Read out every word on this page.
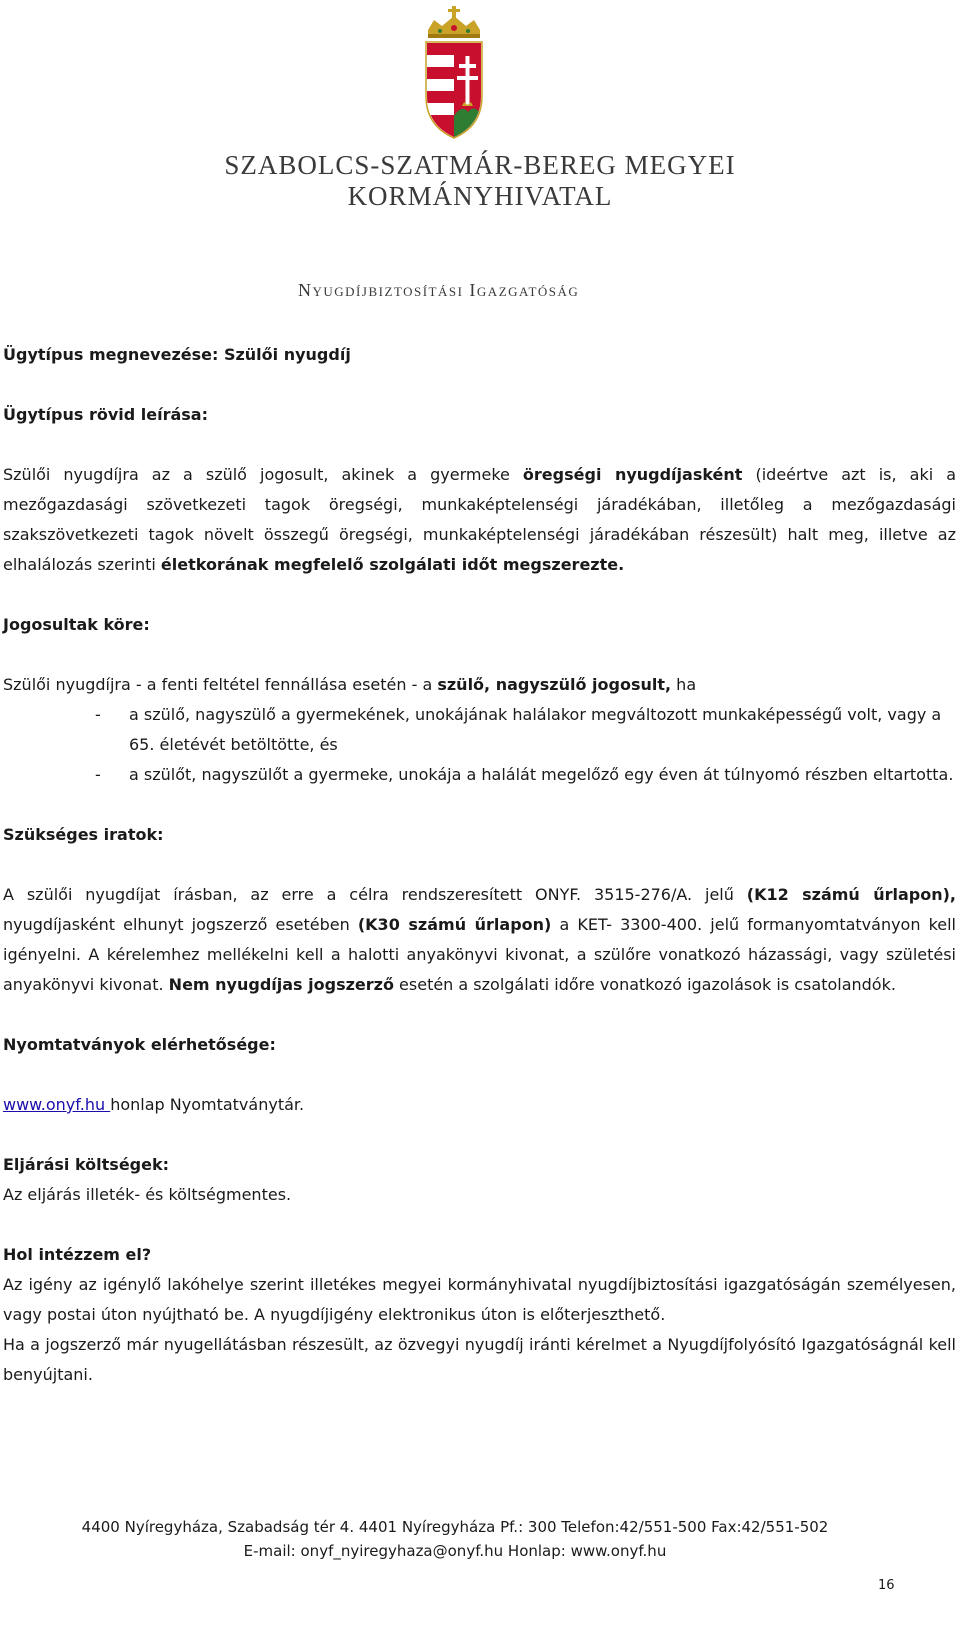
SZABOLCS-SZATMÁR-BEREG MEGYEI
KORMÁNYHIVATAL
Nyugdíjbiztosítási Igazgatóság

Ügytípus megnevezése: Szülői nyugdíj

Ügytípus rövid leírása:

Szülői nyugdíjra az a szülő jogosult, akinek a gyermeke öregségi nyugdíjasként (ideértve azt is, aki a mezőgazdasági szövetkezeti tagok öregségi, munkaképtelenségi járadékában, illetőleg a mezőgazdasági szakszövetkezeti tagok növelt összegű öregségi, munkaképtelenségi járadékában részesült) halt meg, illetve az elhalálozás szerinti életkorának megfelelő szolgálati időt megszerezte.

Jogosultak köre:

Szülői nyugdíjra - a fenti feltétel fennállása esetén - a szülő, nagyszülő jogosult, ha

-	a szülő, nagyszülő a gyermekének, unokájának halálakor megváltozott munkaképességű volt, vagy a 65. életévét betöltötte, és
-	a szülőt, nagyszülőt a gyermeke, unokája a halálát megelőző egy éven át túlnyomó részben eltartotta.

Szükséges iratok:

A szülői nyugdíjat írásban, az erre a célra rendszeresített ONYF. 3515-276/A. jelű (K12 számú űrlapon), nyugdíjasként elhunyt jogszerző esetében (K30 számú űrlapon) a KET- 3300-400. jelű formanyomtatványon kell igényelni. A kérelemhez mellékelni kell a halotti anyakönyvi kivonat, a szülőre vonatkozó házassági, vagy születési anyakönyvi kivonat. Nem nyugdíjas jogszerző esetén a szolgálati időre vonatkozó igazolások is csatolandók.

Nyomtatványok elérhetősége:

www.onyf.hu honlap Nyomtatványtár.

Eljárási költségek:

Az eljárás illeték- és költségmentes.

Hol intézzem el?

Az igény az igénylő lakóhelye szerint illetékes megyei kormányhivatal nyugdíjbiztosítási igazgatóságán személyesen, vagy postai úton nyújtható be. A nyugdíjigény elektronikus úton is előterjeszthető.

Ha a jogszerző már nyugellátásban részesült, az özvegyi nyugdíj iránti kérelmet a Nyugdíjfolyósító Igazgatóságnál kell benyújtani.

4400 Nyíregyháza, Szabadság tér 4. 4401 Nyíregyháza Pf.: 300 Telefon:42/551-500 Fax:42/551-502
E-mail: onyf_nyiregyhaza@onyf.hu Honlap: www.onyf.hu
16
